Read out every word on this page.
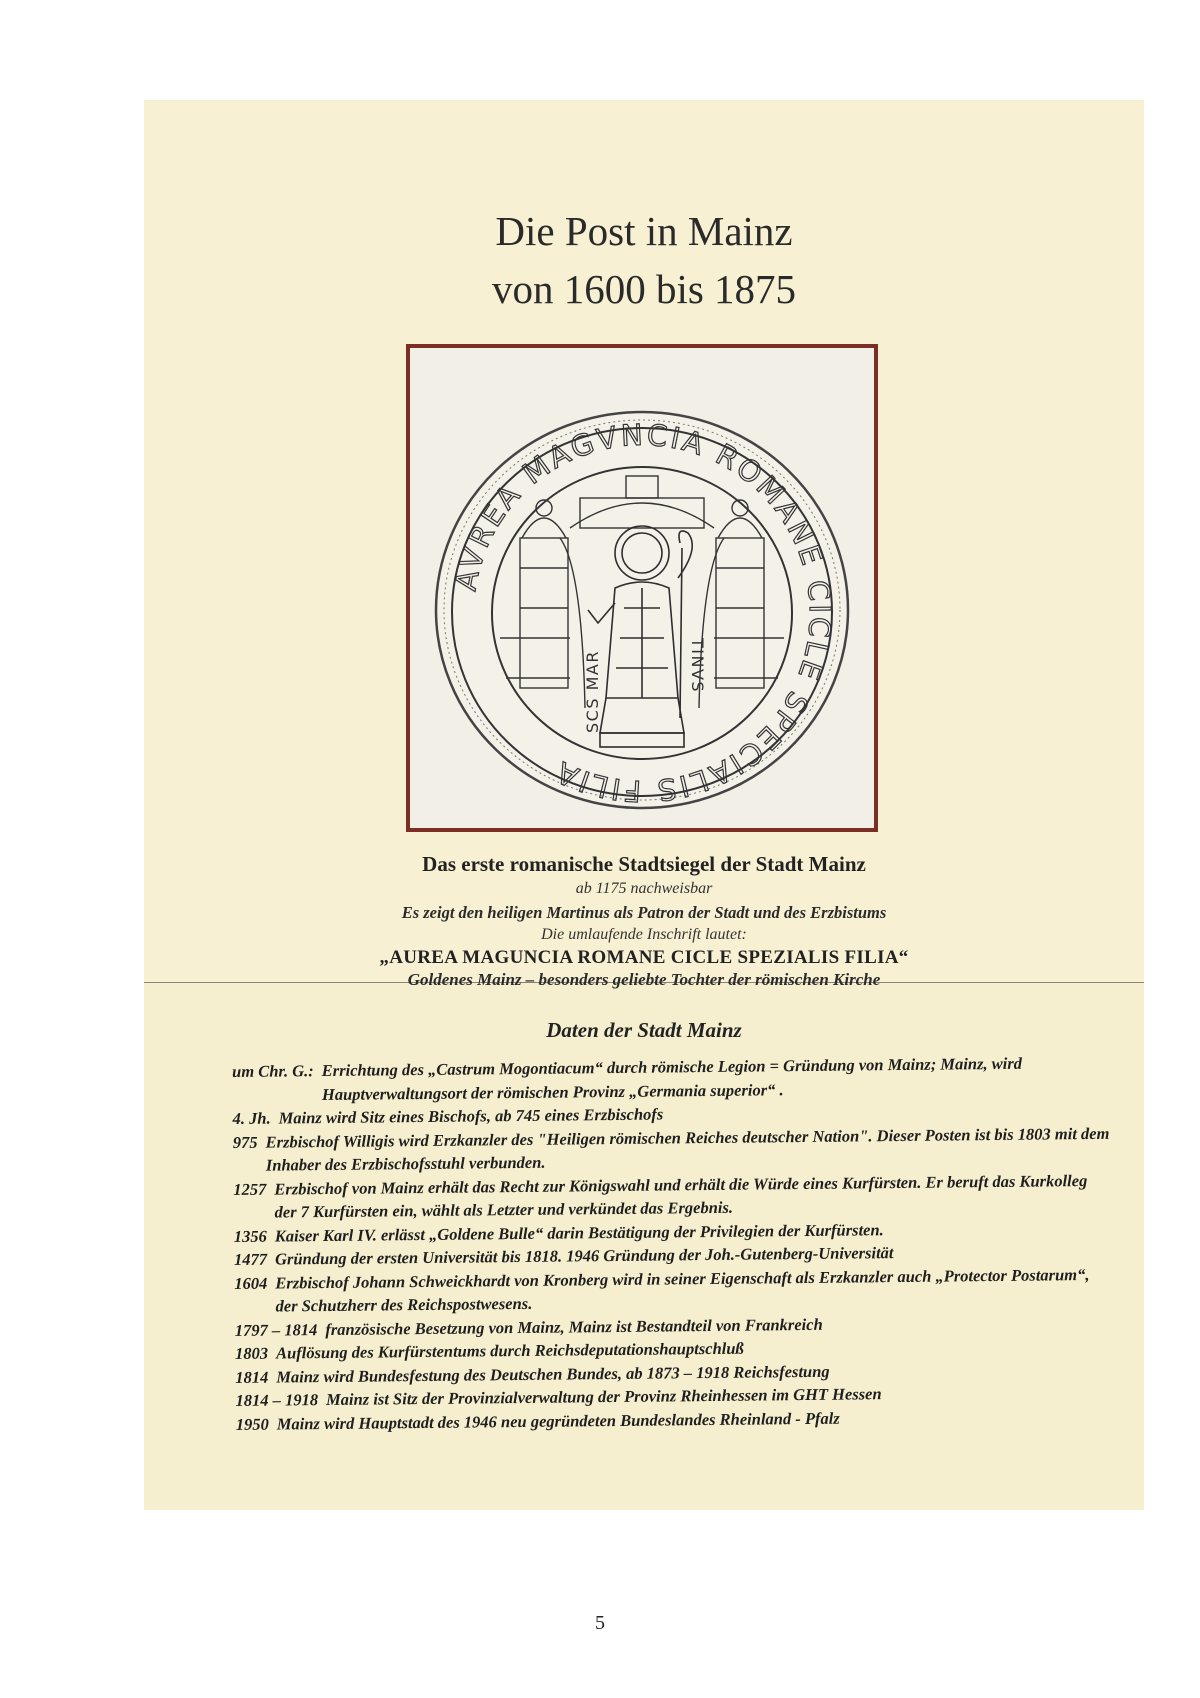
Die Post in Mainz
von 1600 bis 1875
AVREA MAGVNCIA ROMANE CICLE SPECIALIS FILIA
SCS MAR	TINVS

Das erste romanische Stadtsiegel der Stadt Mainz

ab 1175 nachweisbar

Es zeigt den heiligen Martinus als Patron der Stadt und des Erzbistums

Die umlaufende Inschrift lautet:

„AUREA MAGUNCIA ROMANE CICLE SPEZIALIS FILIA“

Goldenes Mainz – besonders geliebte Tochter der römischen Kirche

Daten der Stadt Mainz
um Chr. G.: Errichtung des „Castrum Mogontiacum“ durch römische Legion = Gründung von Mainz; Mainz, wird Hauptverwaltungsort der römischen Provinz „Germania superior“ .
4. Jh. Mainz wird Sitz eines Bischofs, ab 745 eines Erzbischofs
975 Erzbischof Willigis wird Erzkanzler des "Heiligen römischen Reiches deutscher Nation". Dieser Posten ist bis 1803 mit dem Inhaber des Erzbischofsstuhl verbunden.
1257 Erzbischof von Mainz erhält das Recht zur Königswahl und erhält die Würde eines Kurfürsten. Er beruft das Kurkolleg der 7 Kurfürsten ein, wählt als Letzter und verkündet das Ergebnis.
1356 Kaiser Karl IV. erlässt „Goldene Bulle“ darin Bestätigung der Privilegien der Kurfürsten.
1477 Gründung der ersten Universität bis 1818. 1946 Gründung der Joh.-Gutenberg-Universität
1604 Erzbischof Johann Schweickhardt von Kronberg wird in seiner Eigenschaft als Erzkanzler auch „Protector Postarum“, der Schutzherr des Reichspostwesens.
1797 – 1814 französische Besetzung von Mainz, Mainz ist Bestandteil von Frankreich
1803 Auflösung des Kurfürstentums durch Reichsdeputationshauptschluß
1814 Mainz wird Bundesfestung des Deutschen Bundes, ab 1873 – 1918 Reichsfestung
1814 – 1918 Mainz ist Sitz der Provinzialverwaltung der Provinz Rheinhessen im GHT Hessen
1950 Mainz wird Hauptstadt des 1946 neu gegründeten Bundeslandes Rheinland - Pfalz
5
